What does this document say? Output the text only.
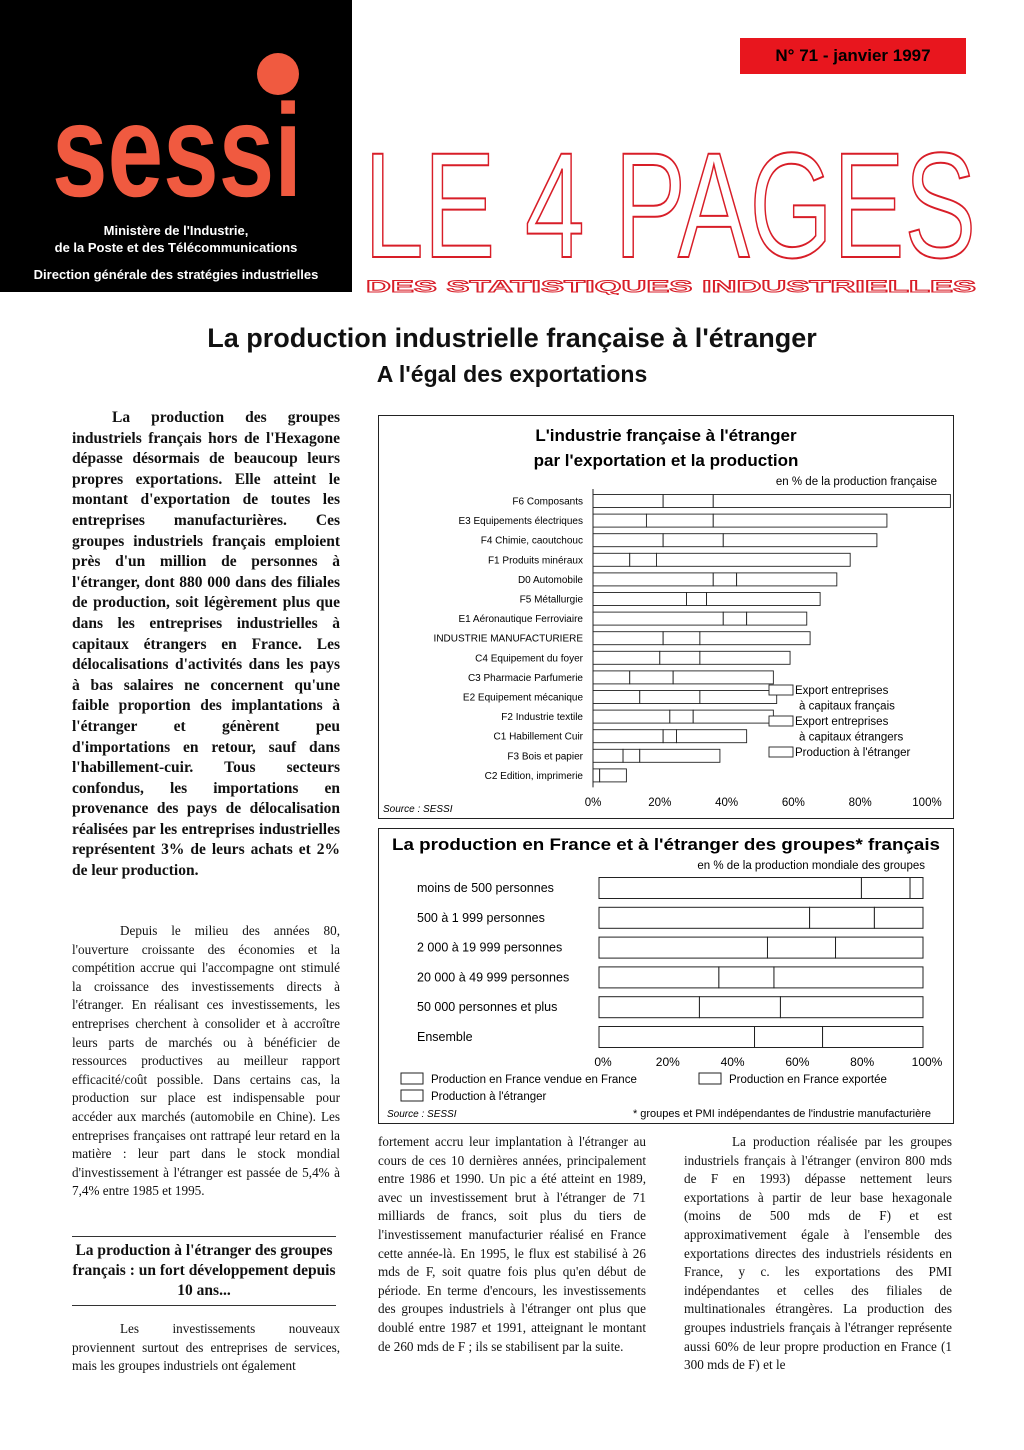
sessi
Ministère de l'Industrie,
de la Poste et des Télécommunications
Direction générale des stratégies industrielles
N° 71 - janvier 1997
LE 4 PAGES
DES STATISTIQUES INDUSTRIELLES
La production industrielle française à l'étranger
A l'égal des exportations

La production des groupes industriels français hors de l'Hexagone dépasse désormais de beaucoup leurs propres exportations. Elle atteint le montant d'exportation de toutes les entreprises manufacturières. Ces groupes industriels français emploient près d'un million de personnes à l'étranger, dont 880 000 dans des filiales de production, soit légèrement plus que dans les entreprises industrielles à capitaux étrangers en France. Les délocalisations d'activités dans les pays à bas salaires ne concernent qu'une faible proportion des implantations à l'étranger et génèrent peu d'importations en retour, sauf dans l'habillement-cuir. Tous secteurs confondus, les importations en provenance des pays de délocalisation réalisées par les entreprises industrielles représentent 3% de leurs achats et 2% de leur production.

Depuis le milieu des années 80, l'ouverture croissante des économies et la compétition accrue qui l'accompagne ont stimulé la croissance des investissements directs à l'étranger. En réalisant ces investissements, les entreprises cherchent à consolider et à accroître leurs parts de marchés ou à bénéficier de ressources productives au meilleur rapport efficacité/coût possible. Dans certains cas, la production sur place est indispensable pour accéder aux marchés (automobile en Chine). Les entreprises françaises ont rattrapé leur retard en la matière : leur part dans le stock mondial d'investissement à l'étranger est passée de 5,4% à 7,4% entre 1985 et 1995.

La production à l'étranger des groupes français : un fort développement depuis 10 ans...

Les investissements nouveaux proviennent surtout des entreprises de services, mais les groupes industriels ont également

fortement accru leur implantation à l'étranger au cours de ces 10 dernières années, principalement entre 1986 et 1990. Un pic a été atteint en 1989, avec un investissement brut à l'étranger de 71 milliards de francs, soit plus du tiers de l'investissement manufacturier réalisé en France cette année-là. En 1995, le flux est stabilisé à 26 mds de F, soit quatre fois plus qu'en début de période. En terme d'encours, les investissements des groupes industriels à l'étranger ont plus que doublé entre 1987 et 1991, atteignant le montant de 260 mds de F ; ils se stabilisent par la suite.

La production réalisée par les groupes industriels français à l'étranger (environ 800 mds de F en 1993) dépasse nettement leurs exportations à partir de leur base hexagonale (moins de 500 mds de F) et est approximativement égale à l'ensemble des exportations directes des industriels résidents en France, y c. les exportations des PMI indépendantes et celles des filiales de multinationales étrangères. La production des groupes industriels français à l'étranger représente aussi 60% de leur propre production en France (1 300 mds de F) et le

L'industrie française à l'étranger
par l'exportation et la production
en % de la production française
Source : SESSI
F6 Composants
E3 Equipements électriques
F4 Chimie, caoutchouc
F1 Produits minéraux
D0 Automobile
F5 Métallurgie
E1 Aéronautique Ferroviaire
INDUSTRIE MANUFACTURIERE
C4 Equipement du foyer
C3 Pharmacie Parfumerie
E2 Equipement mécanique
F2 Industrie textile
C1 Habillement Cuir
F3 Bois et papier
C2 Edition, imprimerie
0%	20%	40%	60%	80%	100%
Export entreprises
à capitaux français
Export entreprises
à capitaux étrangers
Production à l'étranger
La production en France et à l'étranger des groupes* français
en % de la production mondiale des groupes
Source : SESSI	* groupes et PMI indépendantes de l'industrie manufacturière
moins de 500 personnes
500 à 1 999 personnes
2 000 à 19 999 personnes
20 000 à 49 999 personnes
50 000 personnes et plus
Ensemble
0%	20%	40%	60%	80%	100%
Production en France vendue en France	Production en France exportée
Production à l'étranger
